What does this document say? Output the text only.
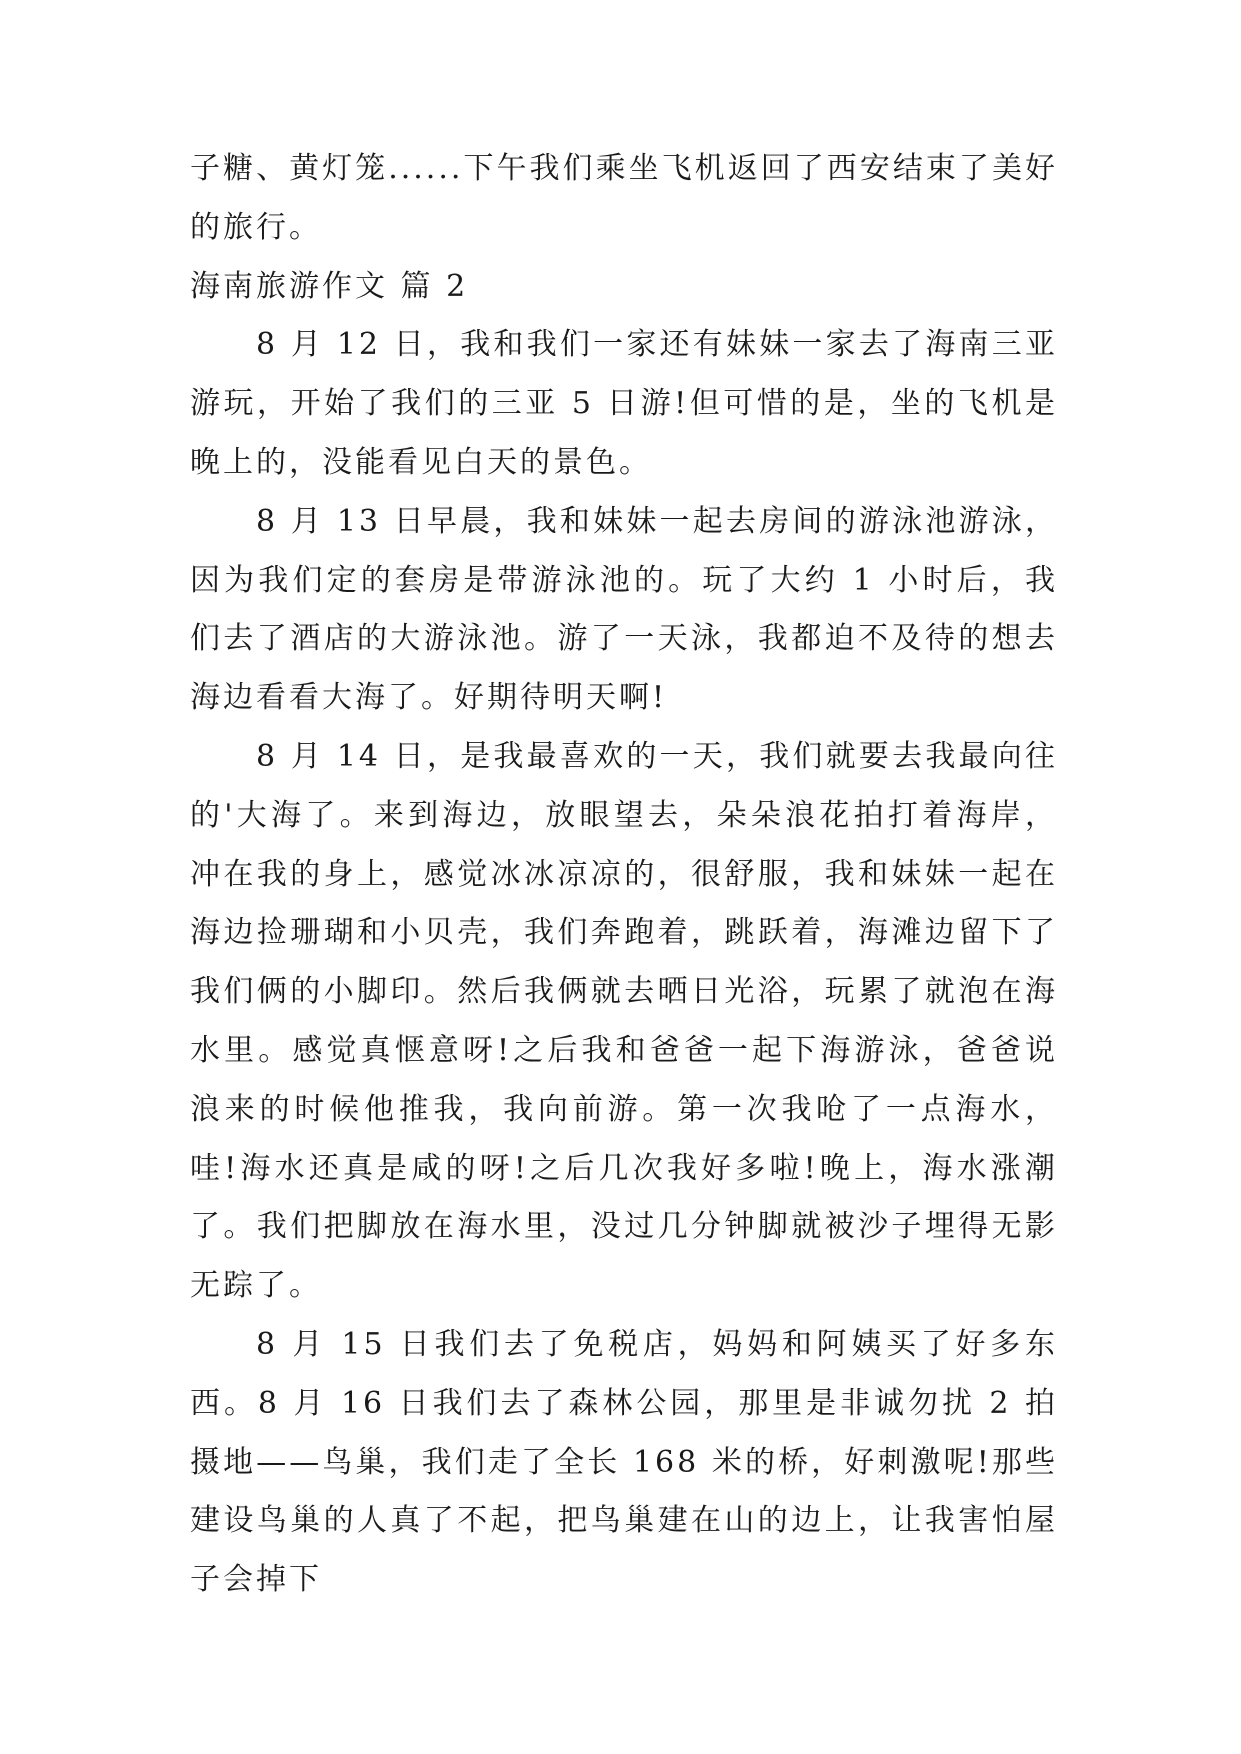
子糖、黄灯笼......下午我们乘坐飞机返回了西安结束了美好的旅行。

海南旅游作文 篇 2

8 月 12 日，我和我们一家还有妹妹一家去了海南三亚游玩，开始了我们的三亚 5 日游!但可惜的是，坐的飞机是晚上的，没能看见白天的景色。

8 月 13 日早晨，我和妹妹一起去房间的游泳池游泳，因为我们定的套房是带游泳池的。玩了大约 1 小时后，我们去了酒店的大游泳池。游了一天泳，我都迫不及待的想去海边看看大海了。好期待明天啊!

8 月 14 日，是我最喜欢的一天，我们就要去我最向往的'大海了。来到海边，放眼望去，朵朵浪花拍打着海岸，冲在我的身上，感觉冰冰凉凉的，很舒服，我和妹妹一起在海边捡珊瑚和小贝壳，我们奔跑着，跳跃着，海滩边留下了我们俩的小脚印。然后我俩就去晒日光浴，玩累了就泡在海水里。感觉真惬意呀!之后我和爸爸一起下海游泳，爸爸说浪来的时候他推我，我向前游。第一次我呛了一点海水，哇!海水还真是咸的呀!之后几次我好多啦!晚上，海水涨潮了。我们把脚放在海水里，没过几分钟脚就被沙子埋得无影无踪了。

8 月 15 日我们去了免税店，妈妈和阿姨买了好多东西。8 月 16 日我们去了森林公园，那里是非诚勿扰 2 拍摄地——鸟巢，我们走了全长 168 米的桥，好刺激呢!那些建设鸟巢的人真了不起，把鸟巢建在山的边上，让我害怕屋子会掉下
